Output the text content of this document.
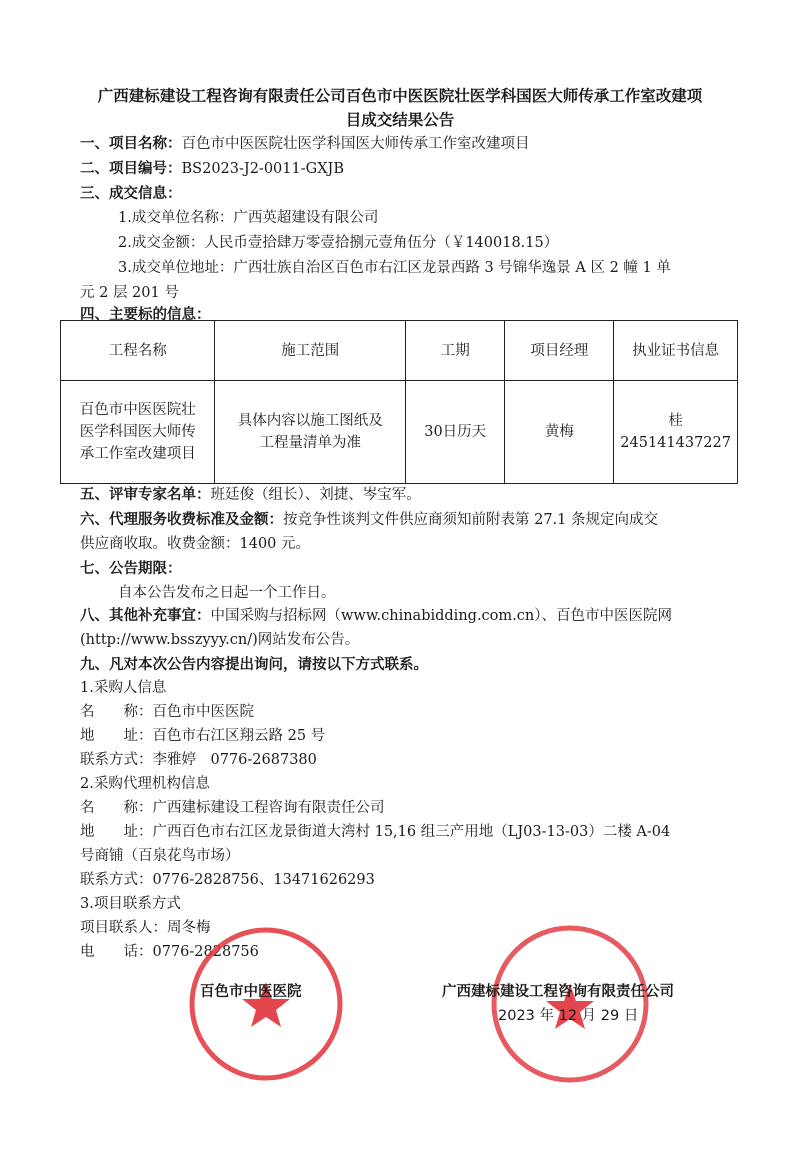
广西建标建设工程咨询有限责任公司百色市中医医院壮医学科国医大师传承工作室改建项
目成交结果公告
一、项目名称：百色市中医医院壮医学科国医大师传承工作室改建项目
二、项目编号：BS2023-J2-0011-GXJB
三、成交信息：
1.成交单位名称：广西英超建设有限公司
2.成交金额：人民币壹拾肆万零壹拾捌元壹角伍分（￥140018.15）
3.成交单位地址：广西壮族自治区百色市右江区龙景西路 3 号锦华逸景 A 区 2 幢 1 单
元 2 层 201 号
四、主要标的信息：
工程名称	施工范围	工期	项目经理	执业证书信息

百色市中医医院壮
医学科国医大师传
承工作室改建项目	具体内容以施工图纸及
工程量清单为准	30日历天	黄梅	桂 245141437227
五、评审专家名单：班廷俊（组长）、刘捷、岑宝军。
六、代理服务收费标准及金额：按竞争性谈判文件供应商须知前附表第 27.1 条规定向成交
供应商收取。收费金额：1400 元。
七、公告期限：
自本公告发布之日起一个工作日。
八、其他补充事宜：中国采购与招标网（www.chinabidding.com.cn）、百色市中医医院网
(http://www.bsszyyy.cn/)网站发布公告。
九、凡对本次公告内容提出询问，请按以下方式联系。
1.采购人信息
名　　称：百色市中医医院
地　　址：百色市右江区翔云路 25 号
联系方式：李雅婷　0776-2687380
2.采购代理机构信息
名　　称：广西建标建设工程咨询有限责任公司
地　　址：广西百色市右江区龙景街道大湾村 15,16 组三产用地（LJ03-13-03）二楼 A-04
号商铺（百泉花鸟市场）
联系方式：0776-2828756、13471626293
3.项目联系方式
项目联系人：周冬梅
电　　话：0776-2828756
百色市中医医院	广西建标建设工程咨询有限责任公司
2023 年 12 月 29 日
